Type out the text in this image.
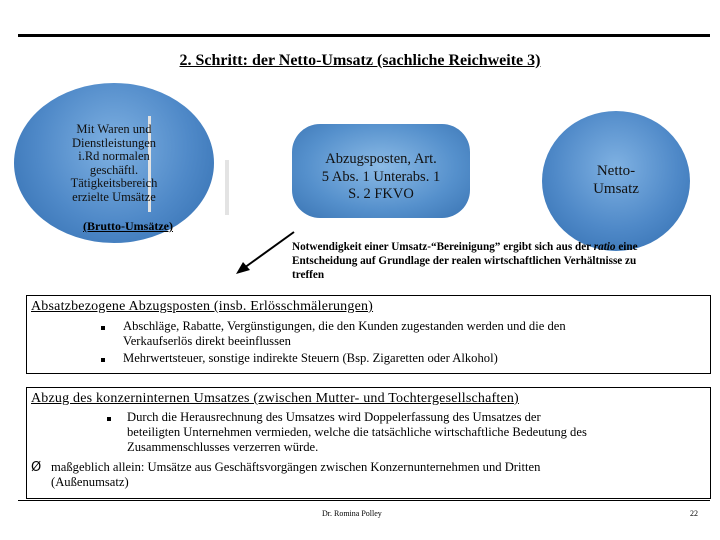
2. Schritt: der Netto-Umsatz (sachliche Reichweite 3)
Mit Waren und
Dienstleistungen
i.Rd normalen
geschäftl.
Tätigkeitsbereich
erzielte Umsätze
(Brutto-Umsätze)
Abzugsposten, Art.
5 Abs. 1 Unterabs. 1
S. 2 FKVO
Netto-
Umsatz
Notwendigkeit einer Umsatz-“Bereinigung” ergibt sich aus der ratio eine Entscheidung auf Grundlage der realen wirtschaftlichen Verhältnisse zu treffen
Absatzbezogene Abzugsposten (insb. Erlösschmälerungen)
Abschläge, Rabatte, Vergünstigungen, die den Kunden zugestanden werden und die den
Verkaufserlös direkt beeinflussen
Mehrwertsteuer, sonstige indirekte Steuern (Bsp. Zigaretten oder Alkohol)
Abzug des konzerninternen Umsatzes (zwischen Mutter- und Tochtergesellschaften)
Durch die Herausrechnung des Umsatzes wird Doppelerfassung des Umsatzes der
beteiligten Unternehmen vermieden, welche die tatsächliche wirtschaftliche Bedeutung des
Zusammenschlusses verzerren würde.
Ø maßgeblich allein: Umsätze aus Geschäftsvorgängen zwischen Konzernunternehmen und Dritten
(Außenumsatz)
Dr. Romina Polley	22
